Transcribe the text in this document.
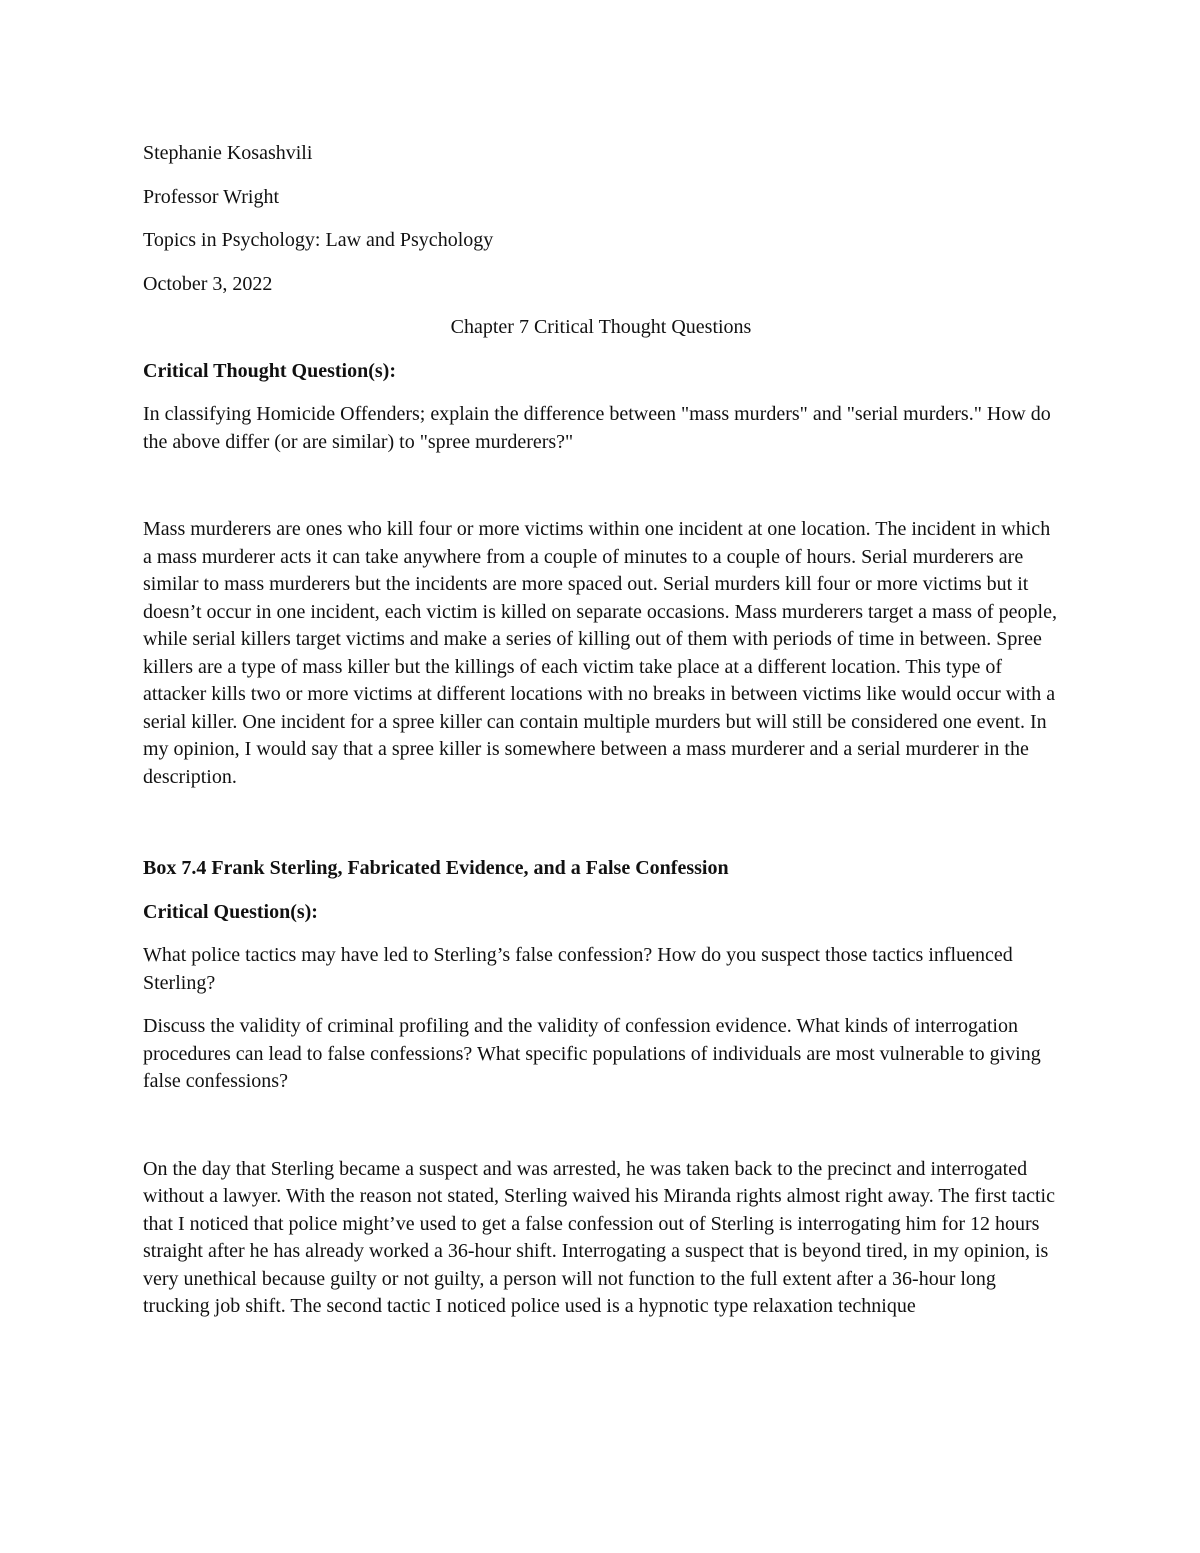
Stephanie Kosashvili

Professor Wright

Topics in Psychology: Law and Psychology

October 3, 2022

Chapter 7 Critical Thought Questions

Critical Thought Question(s):

In classifying Homicide Offenders; explain the difference between "mass murders" and "serial murders." How do the above differ (or are similar) to "spree murderers?"

Mass murderers are ones who kill four or more victims within one incident at one location. The incident in which a mass murderer acts it can take anywhere from a couple of minutes to a couple of hours. Serial murderers are similar to mass murderers but the incidents are more spaced out. Serial murders kill four or more victims but it doesn’t occur in one incident, each victim is killed on separate occasions. Mass murderers target a mass of people, while serial killers target victims and make a series of killing out of them with periods of time in between. Spree killers are a type of mass killer but the killings of each victim take place at a different location. This type of attacker kills two or more victims at different locations with no breaks in between victims like would occur with a serial killer. One incident for a spree killer can contain multiple murders but will still be considered one event. In my opinion, I would say that a spree killer is somewhere between a mass murderer and a serial murderer in the description.

Box 7.4 Frank Sterling, Fabricated Evidence, and a False Confession

Critical Question(s):

What police tactics may have led to Sterling’s false confession? How do you suspect those tactics influenced Sterling?

Discuss the validity of criminal profiling and the validity of confession evidence. What kinds of interrogation procedures can lead to false confessions? What specific populations of individuals are most vulnerable to giving false confessions?

On the day that Sterling became a suspect and was arrested, he was taken back to the precinct and interrogated without a lawyer. With the reason not stated, Sterling waived his Miranda rights almost right away. The first tactic that I noticed that police might’ve used to get a false confession out of Sterling is interrogating him for 12 hours straight after he has already worked a 36-hour shift. Interrogating a suspect that is beyond tired, in my opinion, is very unethical because guilty or not guilty, a person will not function to the full extent after a 36-hour long trucking job shift. The second tactic I noticed police used is a hypnotic type relaxation technique
